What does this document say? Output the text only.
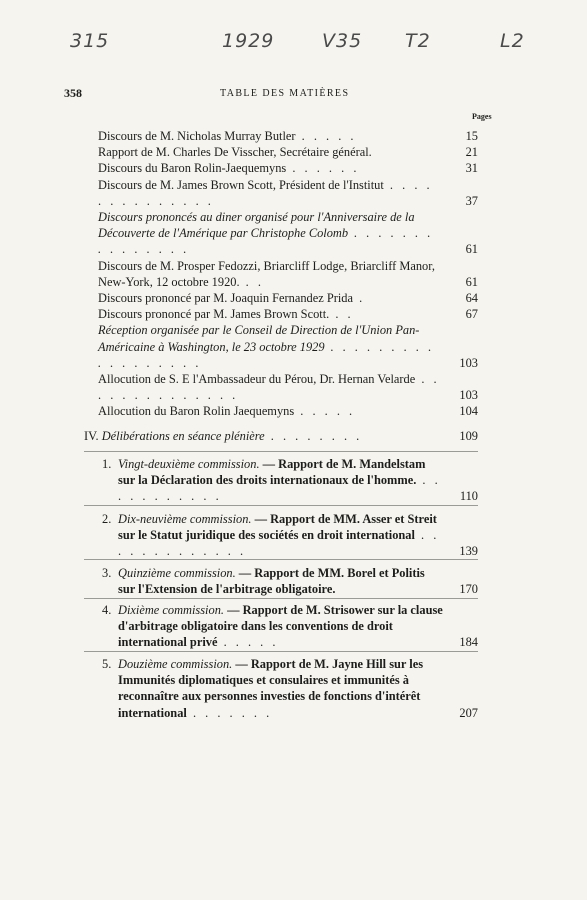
315	1929	V35 T2	L2
358	TABLE DES MATIÈRES
Pages
Discours de M. Nicholas Murray Butler . . . . .	15
Rapport de M. Charles De Visscher, Secrétaire général.	21
Discours du Baron Rolin-Jaequemyns . . . . . .	31
Discours de M. James Brown Scott, Président de l'Institut . . . . . . . . . . . . . .	37
Discours prononcés au diner organisé pour l'Anniversaire de la Découverte de l'Amérique par Christophe Colomb . . . . . . . . . . . . . . .	61
Discours de M. Prosper Fedozzi, Briarcliff Lodge, Briarcliff Manor, New-York, 12 octobre 1920. . .	61
Discours prononcé par M. Joaquin Fernandez Prida .	64
Discours prononcé par M. James Brown Scott. . .	67
Réception organisée par le Conseil de Direction de l'Union Pan-Américaine à Washington, le 23 octobre 1929 . . . . . . . . . . . . . . . . . .	103
Allocution de S. E l'Ambassadeur du Pérou, Dr. Hernan Velarde . . . . . . . . . . . . . .	103
Allocution du Baron Rolin Jaequemyns . . . . .	104
IV. Délibérations en séance plénière . . . . . . . .	109
1. Vingt-deuxième commission. — Rapport de M. Mandelstam sur la Déclaration des droits internationaux de l'homme. . . . . . . . . . . .	110
2. Dix-neuvième commission. — Rapport de MM. Asser et Streit sur le Statut juridique des sociétés en droit international . . . . . . . . . . . . .	139
3. Quinzième commission. — Rapport de MM. Borel et Politis sur l'Extension de l'arbitrage obligatoire.	170
4. Dixième commission. — Rapport de M. Strisower sur la clause d'arbitrage obligatoire dans les conventions de droit international privé . . . . .	184
5. Douzième commission. — Rapport de M. Jayne Hill sur les Immunités diplomatiques et consulaires et immunités à reconnaître aux personnes investies de fonctions d'intérêt international . . . . . . .	207
